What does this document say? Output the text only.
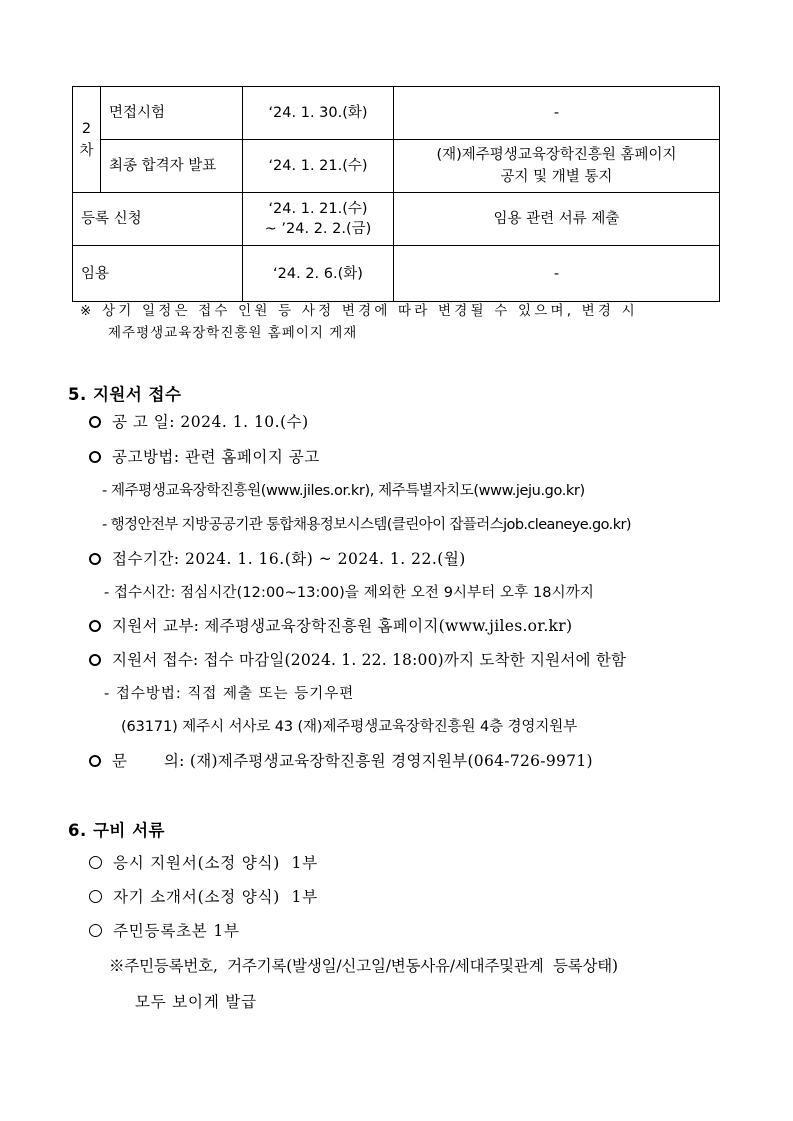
2
차	면접시험	‘24. 1. 30.(화)	-
	최종 합격자 발표	‘24. 1. 21.(수)	(재)제주평생교육장학진흥원 홈페이지
공지 및 개별 통지

등록 신청		‘24. 1. 21.(수)
~ ’24. 2. 2.(금)	임용 관련 서류 제출
임용		‘24. 2. 6.(화)	-
※ 상기 일정은 접수 인원 등 사정 변경에 따라 변경될 수 있으며, 변경 시
제주평생교육장학진흥원 홈페이지 게재
5. 지원서 접수
공 고 일: 2024. 1. 10.(수)
공고방법: 관련 홈페이지 공고
- 제주평생교육장학진흥원(www.jiles.or.kr), 제주특별자치도(www.jeju.go.kr)
- 행정안전부 지방공공기관 통합채용정보시스템(클린아이 잡플러스job.cleaneye.go.kr)
접수기간: 2024. 1. 16.(화) ~ 2024. 1. 22.(월)
- 접수시간: 점심시간(12:00~13:00)을 제외한 오전 9시부터 오후 18시까지
지원서 교부: 제주평생교육장학진흥원 홈페이지(www.jiles.or.kr)
지원서 접수: 접수 마감일(2024. 1. 22. 18:00)까지 도착한 지원서에 한함
- 접수방법: 직접 제출 또는 등기우편
(63171) 제주시 서사로 43 (재)제주평생교육장학진흥원 4층 경영지원부
문       의: (재)제주평생교육장학진흥원 경영지원부(064-726-9971)
6. 구비 서류
응시 지원서(소정 양식)  1부
자기 소개서(소정 양식)  1부
주민등록초본 1부
※주민등록번호,  거주기록(발생일/신고일/변동사유/세대주및관계  등록상태)
모두 보이게 발급
